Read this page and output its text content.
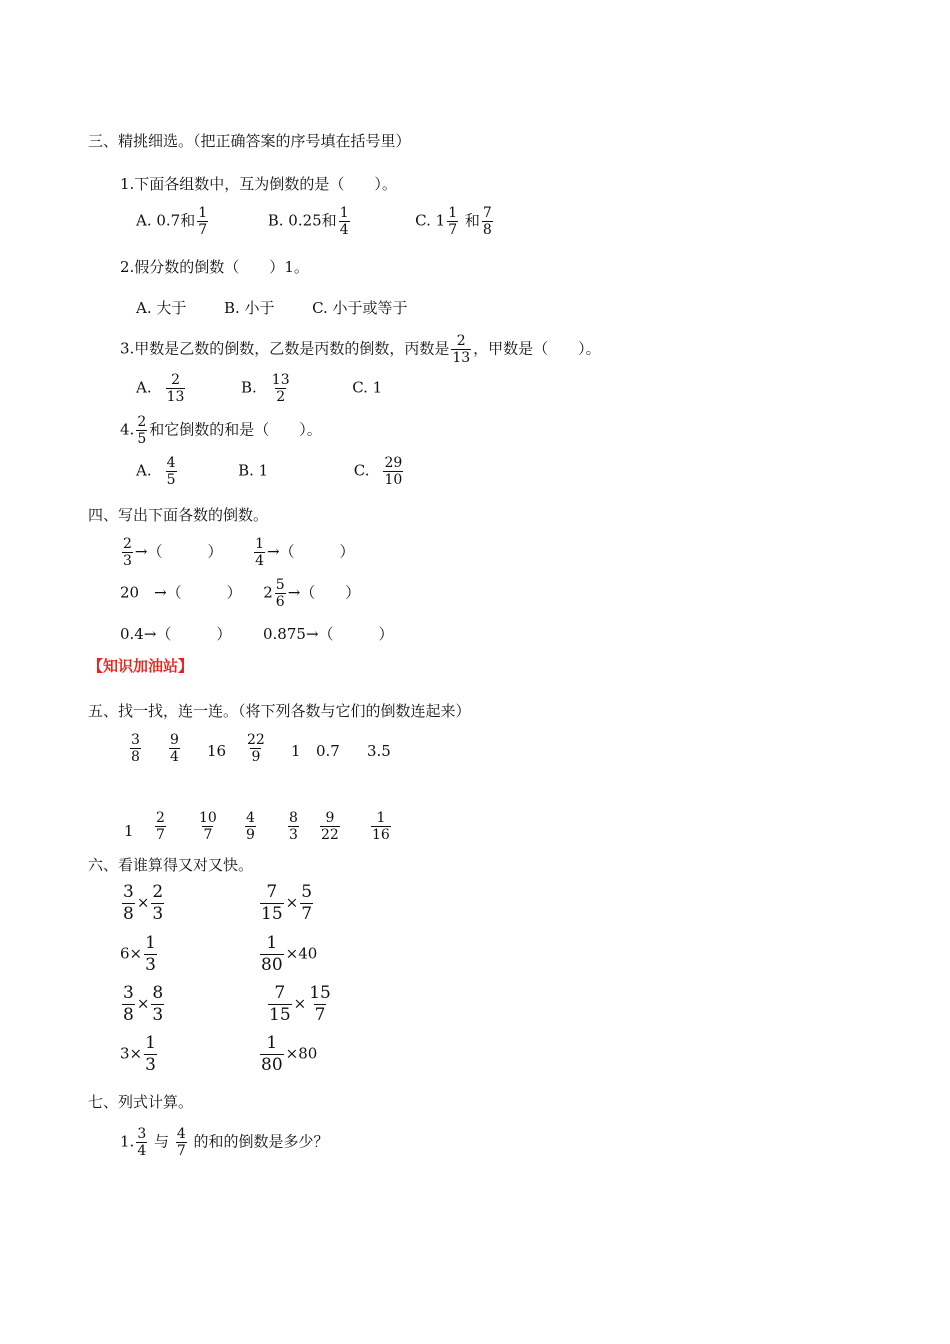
三、精挑细选。（把正确答案的序号填在括号里）
1.下面各组数中，互为倒数的是（　　）。
A. 0.7和 $\frac{1}{7}$	B. 0.25和 $\frac{1}{4}$	C. $1 \frac{1}{7}$ 和 $\frac{7}{8}$
2.假分数的倒数（　　）1。
A. 大于	B. 小于	C. 小于或等于
3.甲数是乙数的倒数，乙数是丙数的倒数，丙数是 $\frac{2}{13}$ ，甲数是（　　）。
A. $\frac{2}{13}$	B. $\frac{13}{2}$	C. 1
4. $\frac{2}{5}$ 和它倒数的和是（　　）。
A. $\frac{4}{5}$	B. 1	C. $\frac{29}{10}$
四、写出下面各数的倒数。
$\frac{2}{3}$ →（　　　） $\frac{1}{4}$ →（　　　）
20　→（　　　） $2 \frac{5}{6}$ →（　　）
0.4→（　　　） 0.875→（　　　）
【知识加油站】
五、找一找，连一连。（将下列各数与它们的倒数连起来）
$\frac{3}{8} \frac{9}{4} 16 \frac{22}{9} 1$ 0.7 3.5
$1 \frac{2}{7} \frac{10}{7} \frac{4}{9} \frac{8}{3} \frac{9}{22} \frac{1}{16}$
六、看谁算得又对又快。
$\frac{3}{8} \times \frac{2}{3}$	$\frac{7}{15} \times \frac{5}{7}$
$6\times \frac{1}{3}$	$\frac{1}{80} \times 40$
$\frac{3}{8} \times \frac{8}{3}$	$\frac{7}{15} \times \frac{15}{7}$
$3\times \frac{1}{3}$	$\frac{1}{80} \times 80$
七、列式计算。
1. $\frac{3}{4}$ 与 $\frac{4}{7}$ 的和的倒数是多少？
